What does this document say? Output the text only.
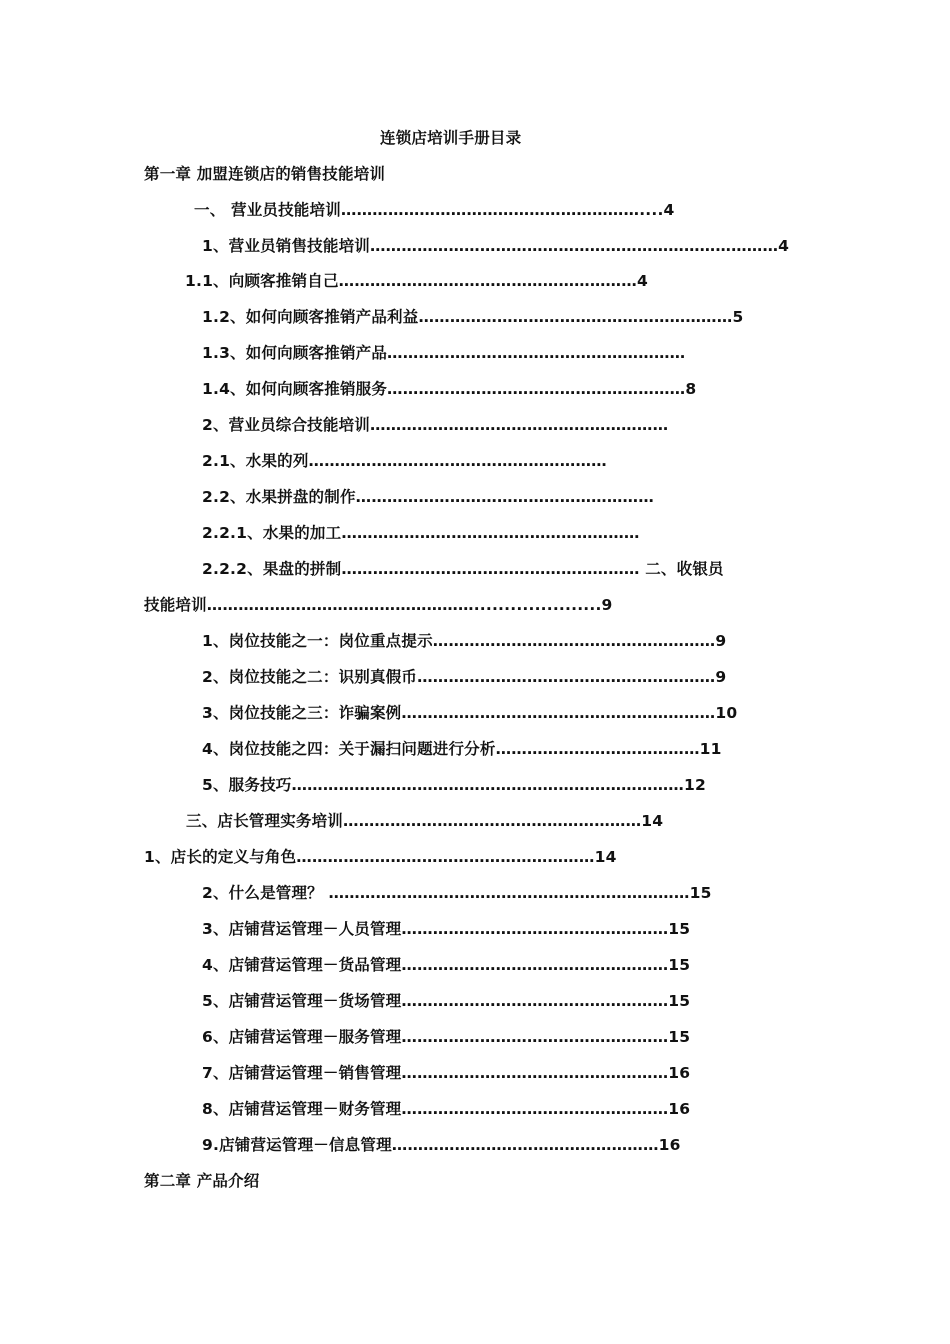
连锁店培训手册目录
第一章 加盟连锁店的销售技能培训
一、 营业员技能培训…………………………………………………....4
1、营业员销售技能培训……………………………………………………………………4
1.1、向顾客推销自己…………………………………………………4
1.2、如何向顾客推销产品利益……………………………………………………5
1.3、如何向顾客推销产品…………………………………………………
1.4、如何向顾客推销服务…………………………………………………8
2、营业员综合技能培训…………………………………………………
2.1、水果的列…………………………………………………
2.2、水果拼盘的制作…………………………………………………
2.2.1、水果的加工…………………………………………………
2.2.2、果盘的拼制………………………………………………… 二、收银员
技能培训…………………………………………….....................9
1、岗位技能之一：岗位重点提示………………………………………………9
2、岗位技能之二：识别真假币…………………………………………………9
3、岗位技能之三：诈骗案例……………………………………………………10
4、岗位技能之四：关于漏扫问题进行分析…………………………………11
5、服务技巧…………………………………………………………………12
三、店长管理实务培训…………………………………………………14
1、店长的定义与角色…………………………………………………14
2、什么是管理？ ……………………………………………………………15
3、店铺营运管理－人员管理……………………………………………15
4、店铺营运管理－货品管理……………………………………………15
5、店铺营运管理－货场管理……………………………………………15
6、店铺营运管理－服务管理……………………………………………15
7、店铺营运管理－销售管理……………………………………………16
8、店铺营运管理－财务管理……………………………………………16
9.店铺营运管理－信息管理……………………………………………16
第二章 产品介绍
